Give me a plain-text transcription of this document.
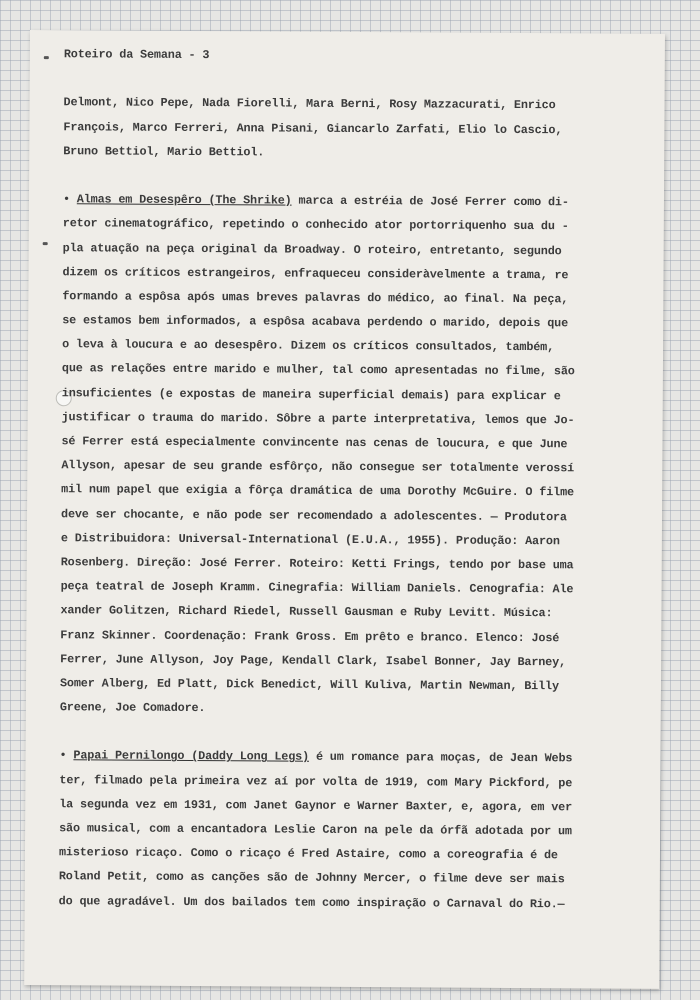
Roteiro da Semana - 3
Delmont, Nico Pepe, Nada Fiorelli, Mara Berni, Rosy Mazzacurati, Enrico
François, Marco Ferreri, Anna Pisani, Giancarlo Zarfati, Elio lo Cascio,
Bruno Bettiol, Mario Bettiol.
• Almas em Desespêro (The Shrike) marca a estréia de José Ferrer como di-
retor cinematográfico, repetindo o conhecido ator portorriquenho sua du -
pla atuação na peça original da Broadway. O roteiro, entretanto, segundo
dizem os críticos estrangeiros, enfraqueceu consideràvelmente a trama, re
formando a espôsa após umas breves palavras do médico, ao final. Na peça,
se estamos bem informados, a espôsa acabava perdendo o marido, depois que
o leva à loucura e ao desespêro. Dizem os críticos consultados, também,
que as relações entre marido e mulher, tal como apresentadas no filme, são
insuficientes (e expostas de maneira superficial demais) para explicar e
justificar o trauma do marido. Sôbre a parte interpretativa, lemos que Jo-
sé Ferrer está especialmente convincente nas cenas de loucura, e que June
Allyson, apesar de seu grande esfôrço, não consegue ser totalmente verossí
mil num papel que exigia a fôrça dramática de uma Dorothy McGuire. O filme
deve ser chocante, e não pode ser recomendado a adolescentes. — Produtora
e Distribuidora: Universal-International (E.U.A., 1955). Produção: Aaron
Rosenberg. Direção: José Ferrer. Roteiro: Ketti Frings, tendo por base uma
peça teatral de Joseph Kramm. Cinegrafia: William Daniels. Cenografia: Ale
xander Golitzen, Richard Riedel, Russell Gausman e Ruby Levitt. Música:
Franz Skinner. Coordenação: Frank Gross. Em prêto e branco. Elenco: José
Ferrer, June Allyson, Joy Page, Kendall Clark, Isabel Bonner, Jay Barney,
Somer Alberg, Ed Platt, Dick Benedict, Will Kuliva, Martin Newman, Billy
Greene, Joe Comadore.
• Papai Pernilongo (Daddy Long Legs) é um romance para moças, de Jean Webs
ter, filmado pela primeira vez aí por volta de 1919, com Mary Pickford, pe
la segunda vez em 1931, com Janet Gaynor e Warner Baxter, e, agora, em ver
são musical, com a encantadora Leslie Caron na pele da órfã adotada por um
misterioso ricaço. Como o ricaço é Fred Astaire, como a coreografia é de
Roland Petit, como as canções são de Johnny Mercer, o filme deve ser mais
do que agradável. Um dos bailados tem como inspiração o Carnaval do Rio.—
